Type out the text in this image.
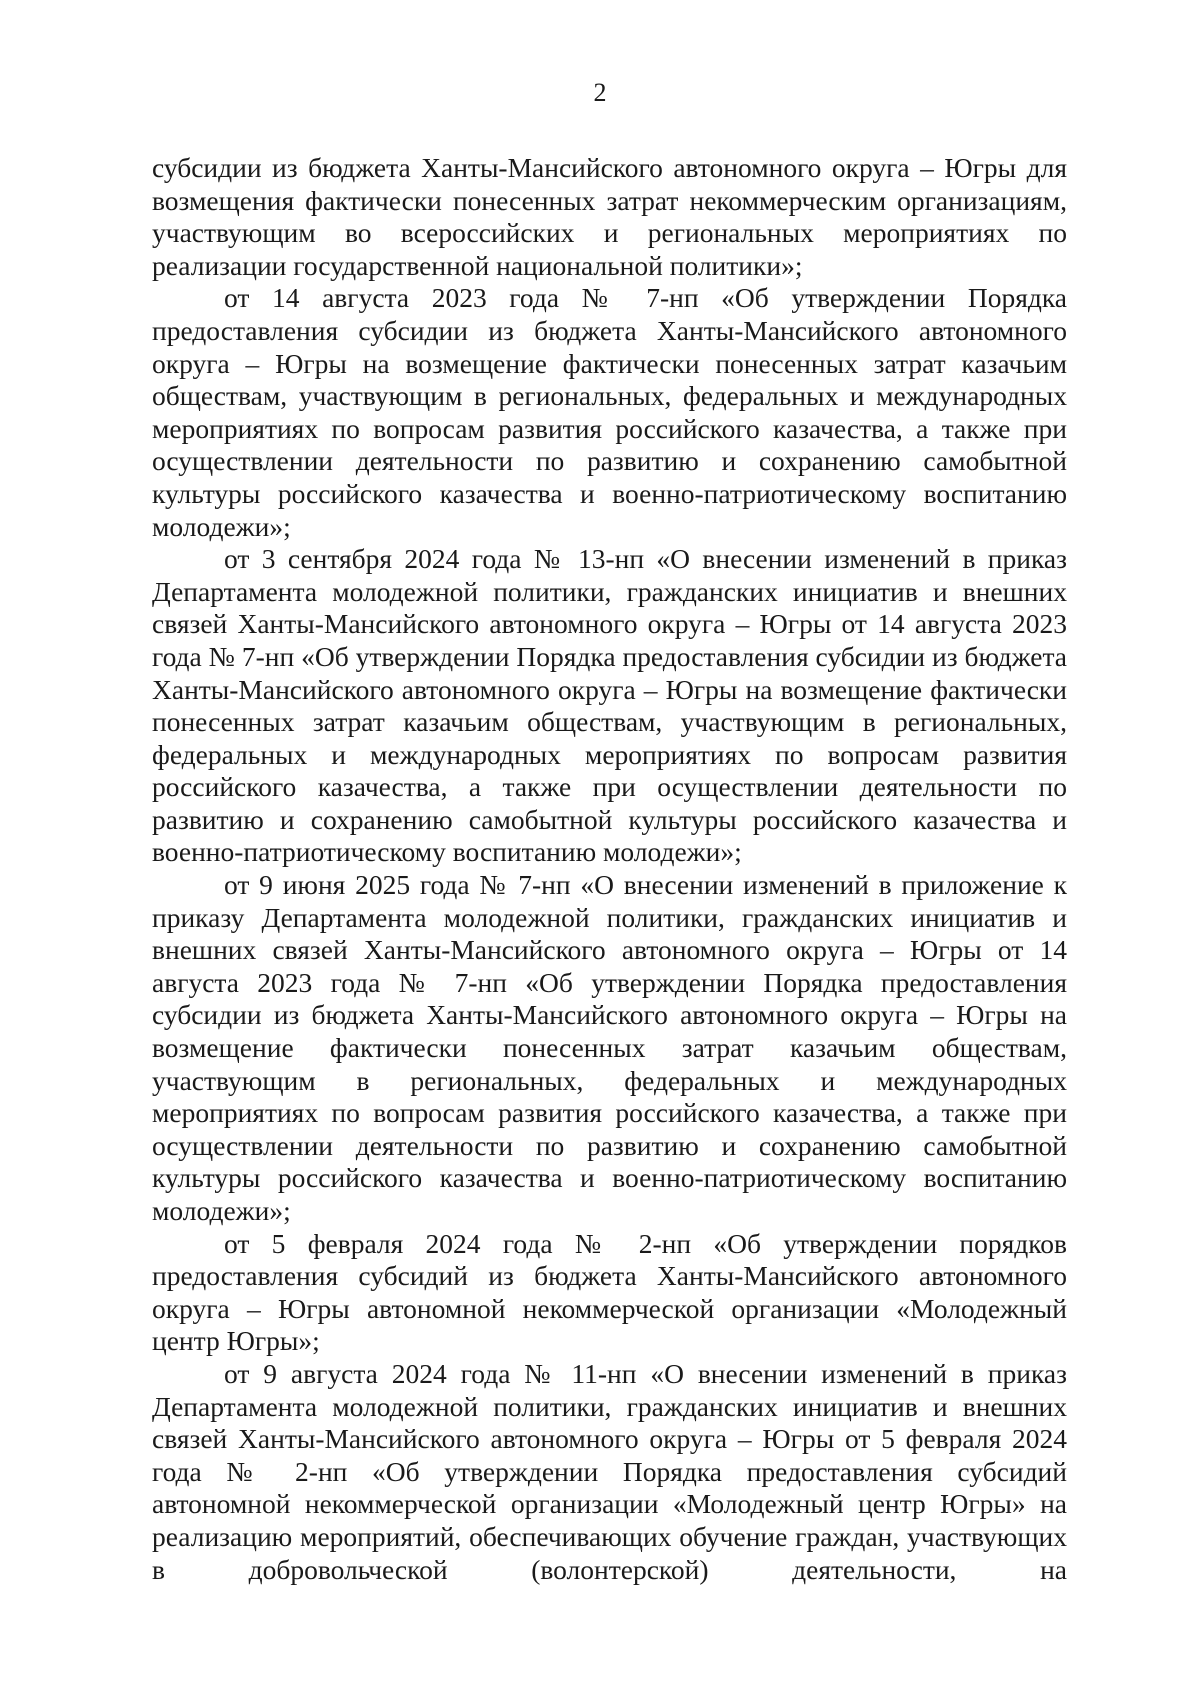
2

субсидии из бюджета Ханты-Мансийского автономного округа – Югры для возмещения фактически понесенных затрат некоммерческим организациям, участвующим во всероссийских и региональных мероприятиях по реализации государственной национальной политики»;

от 14 августа 2023 года № 7-нп «Об утверждении Порядка предоставления субсидии из бюджета Ханты-Мансийского автономного округа – Югры на возмещение фактически понесенных затрат казачьим обществам, участвующим в региональных, федеральных и международных мероприятиях по вопросам развития российского казачества, а также при осуществлении деятельности по развитию и сохранению самобытной культуры российского казачества и военно-патриотическому воспитанию молодежи»;

от 3 сентября 2024 года № 13-нп «О внесении изменений в приказ Департамента молодежной политики, гражданских инициатив и внешних связей Ханты-Мансийского автономного округа – Югры от 14 августа 2023 года № 7-нп «Об утверждении Порядка предоставления субсидии из бюджета Ханты-Мансийского автономного округа – Югры на возмещение фактически понесенных затрат казачьим обществам, участвующим в региональных, федеральных и международных мероприятиях по вопросам развития российского казачества, а также при осуществлении деятельности по развитию и сохранению самобытной культуры российского казачества и военно-патриотическому воспитанию молодежи»;

от 9 июня 2025 года № 7-нп «О внесении изменений в приложение к приказу Департамента молодежной политики, гражданских инициатив и внешних связей Ханты-Мансийского автономного округа – Югры от 14 августа 2023 года № 7-нп «Об утверждении Порядка предоставления субсидии из бюджета Ханты-Мансийского автономного округа – Югры на возмещение фактически понесенных затрат казачьим обществам, участвующим в региональных, федеральных и международных мероприятиях по вопросам развития российского казачества, а также при осуществлении деятельности по развитию и сохранению самобытной культуры российского казачества и военно-патриотическому воспитанию молодежи»;

от 5 февраля 2024 года № 2-нп «Об утверждении порядков предоставления субсидий из бюджета Ханты-Мансийского автономного округа – Югры автономной некоммерческой организации «Молодежный центр Югры»;

от 9 августа 2024 года № 11-нп «О внесении изменений в приказ Департамента молодежной политики, гражданских инициатив и внешних связей Ханты-Мансийского автономного округа – Югры от 5 февраля 2024 года № 2-нп «Об утверждении Порядка предоставления субсидий автономной некоммерческой организации «Молодежный центр Югры» на реализацию мероприятий, обеспечивающих обучение граждан, участвующих в добровольческой (волонтерской) деятельности, на
